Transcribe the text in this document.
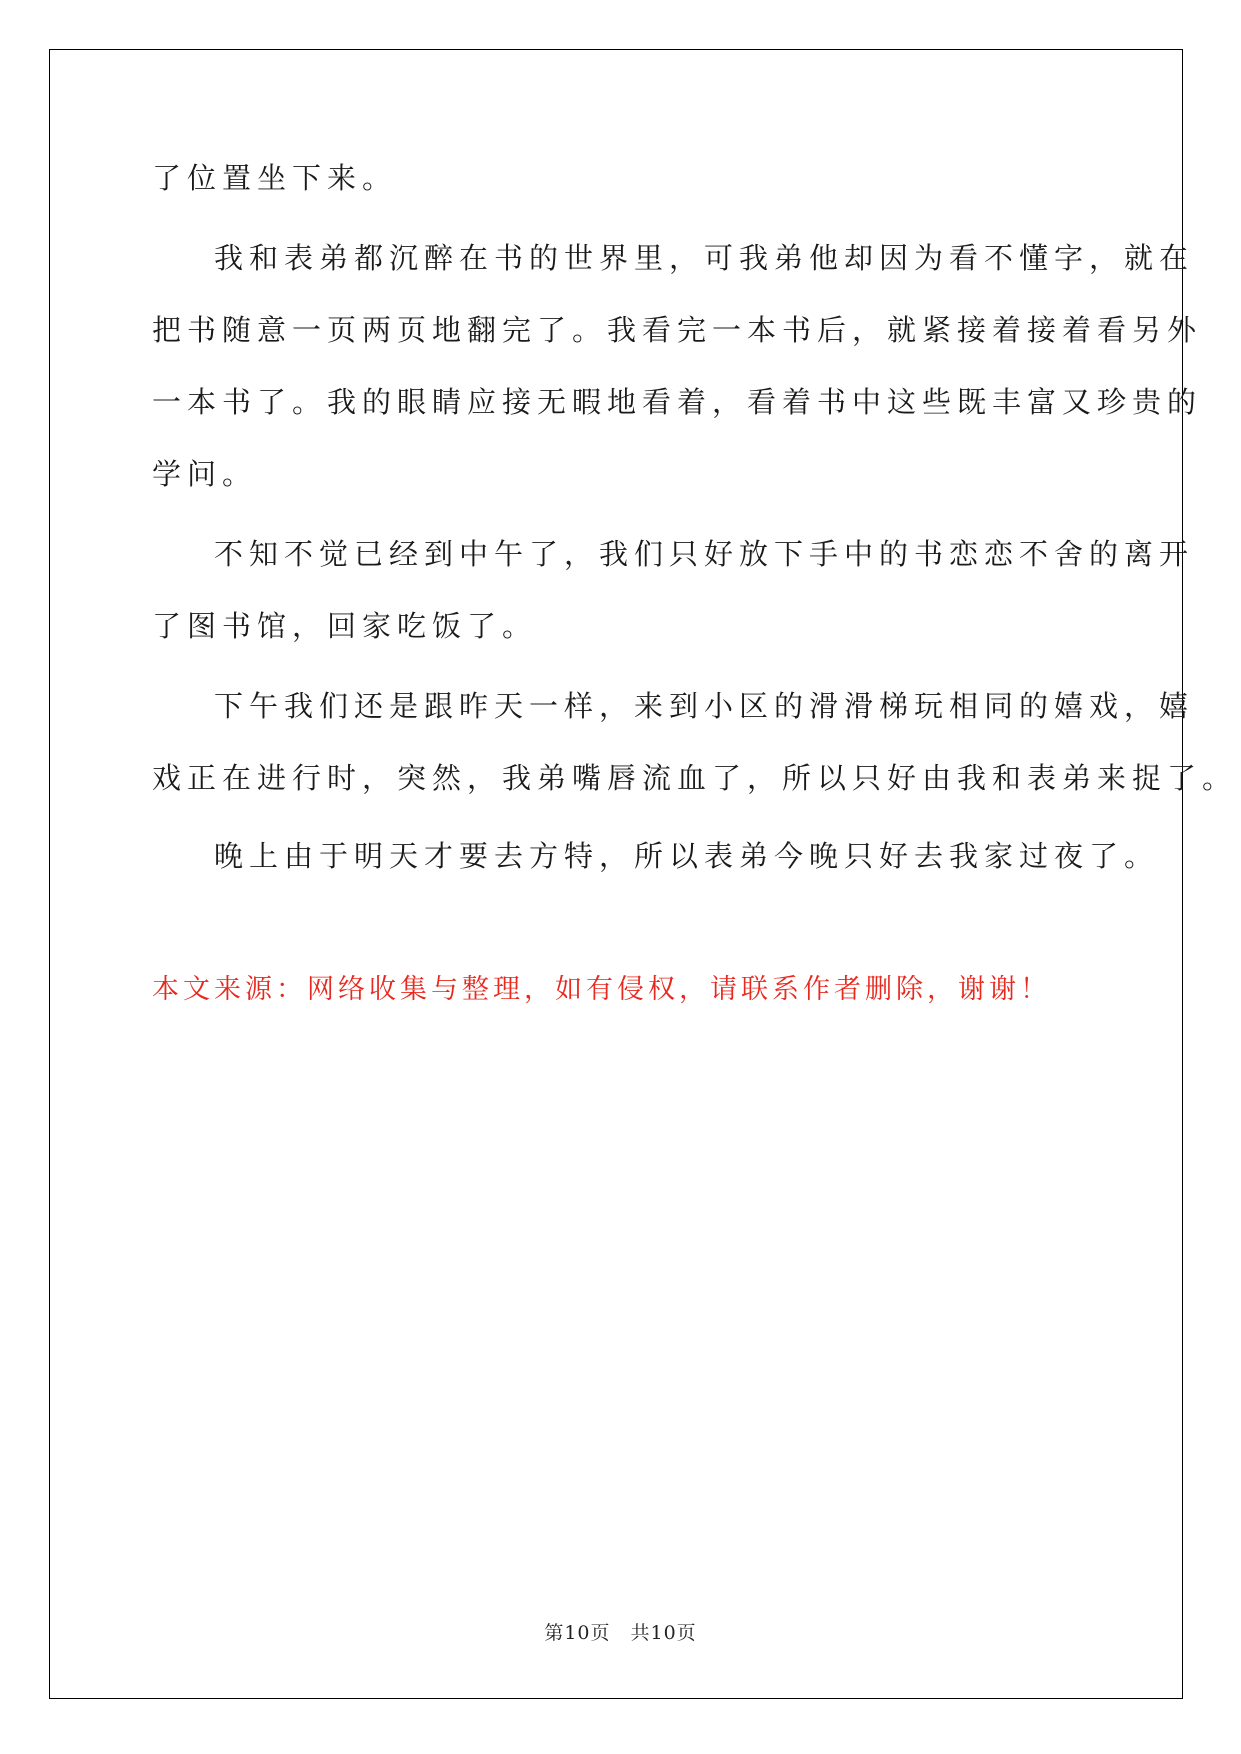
了位置坐下来。
我和表弟都沉醉在书的世界里，可我弟他却因为看不懂字，就在
把书随意一页两页地翻完了。我看完一本书后，就紧接着接着看另外
一本书了。我的眼睛应接无暇地看着，看着书中这些既丰富又珍贵的
学问。
不知不觉已经到中午了，我们只好放下手中的书恋恋不舍的离开
了图书馆，回家吃饭了。
下午我们还是跟昨天一样，来到小区的滑滑梯玩相同的嬉戏，嬉
戏正在进行时，突然，我弟嘴唇流血了，所以只好由我和表弟来捉了。
晚上由于明天才要去方特，所以表弟今晚只好去我家过夜了。
本文来源：网络收集与整理，如有侵权，请联系作者删除，谢谢！
第10页 共10页
